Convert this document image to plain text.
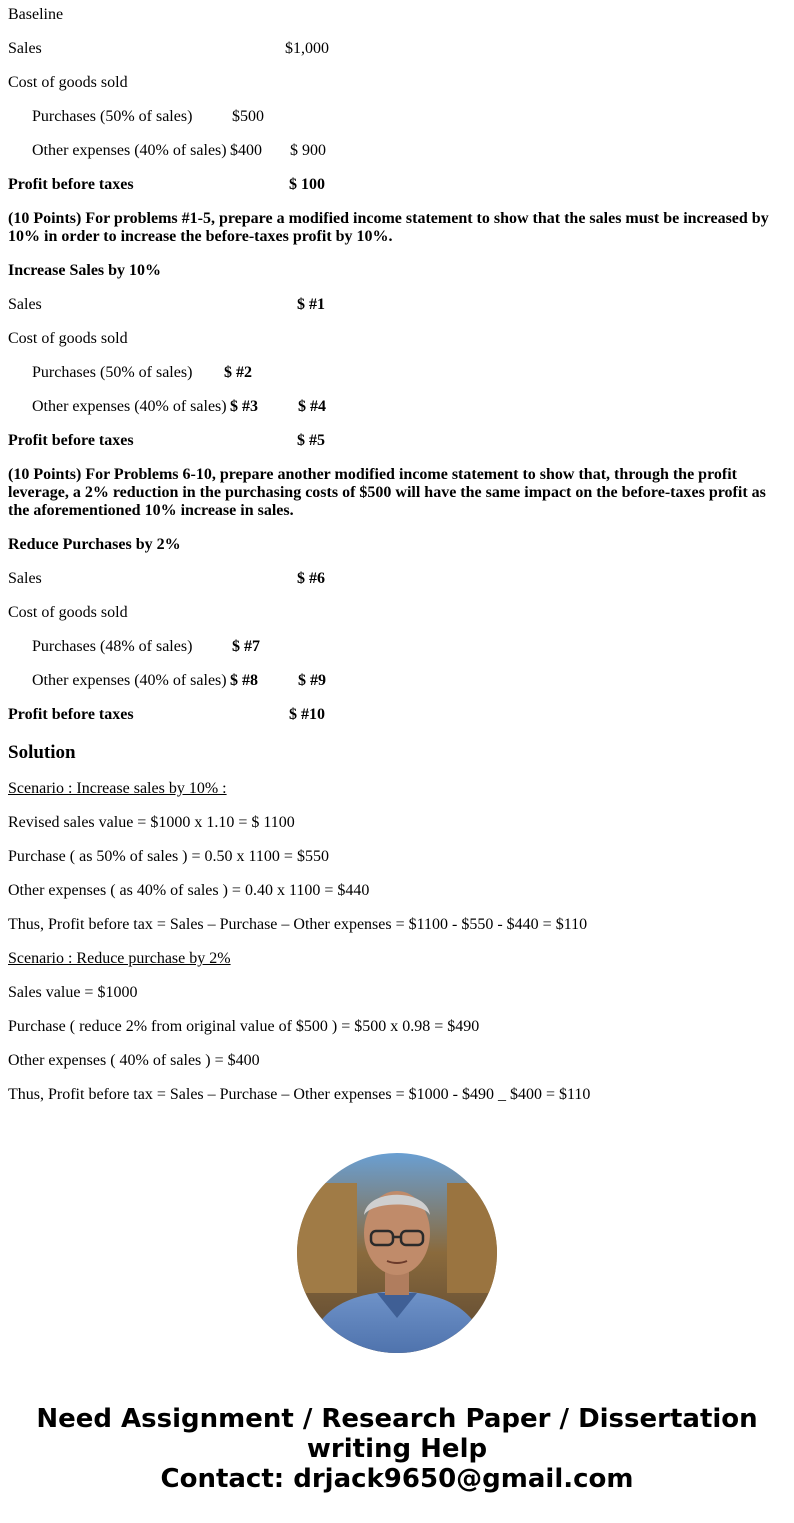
Baseline
Sales	$1,000
Cost of goods sold
Purchases (50% of sales) $500
Other expenses (40% of sales) $400 $ 900
Profit before taxes	$ 100
(10 Points) For problems #1-5, prepare a modified income statement to show that the sales must be increased by 10% in order to increase the before-taxes profit by 10%.
Increase Sales by 10%
Sales	$ #1
Cost of goods sold
Purchases (50% of sales) $ #2
Other expenses (40% of sales) $ #3	$ #4
Profit before taxes	$ #5
(10 Points) For Problems 6-10, prepare another modified income statement to show that, through the profit leverage, a 2% reduction in the purchasing costs of $500 will have the same impact on the before-taxes profit as the aforementioned 10% increase in sales.
Reduce Purchases by 2%
Sales	$ #6
Cost of goods sold
Purchases (48% of sales) $ #7
Other expenses (40% of sales) $ #8	$ #9
Profit before taxes	$ #10
Solution
Scenario : Increase sales by 10% :
Revised sales value = $1000 x 1.10 = $ 1100
Purchase ( as 50% of sales ) = 0.50 x 1100 = $550
Other expenses ( as 40% of sales ) = 0.40 x 1100 = $440
Thus, Profit before tax = Sales – Purchase – Other expenses = $1100 - $550 - $440 = $110
Scenario : Reduce purchase by 2%
Sales value = $1000
Purchase ( reduce 2% from original value of $500 ) = $500 x 0.98 = $490
Other expenses ( 40% of sales ) = $400
Thus, Profit before tax = Sales – Purchase – Other expenses = $1000 - $490 _ $400 = $110
Need Assignment / Research Paper / Dissertation
writing Help
Contact: drjack9650@gmail.com
